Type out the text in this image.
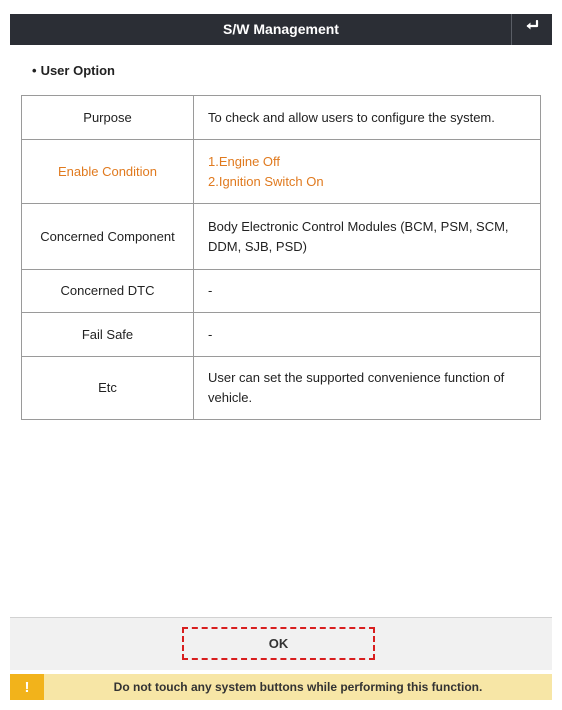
S/W Management
• User Option
Purpose	To check and allow users to configure the system.
Enable Condition	1.Engine Off
2.Ignition Switch On
Concerned Component	Body Electronic Control Modules (BCM, PSM, SCM, DDM, SJB, PSD)
Concerned DTC	-
Fail Safe	-
Etc	User can set the supported convenience function of vehicle.
OK
!	Do not touch any system buttons while performing this function.
